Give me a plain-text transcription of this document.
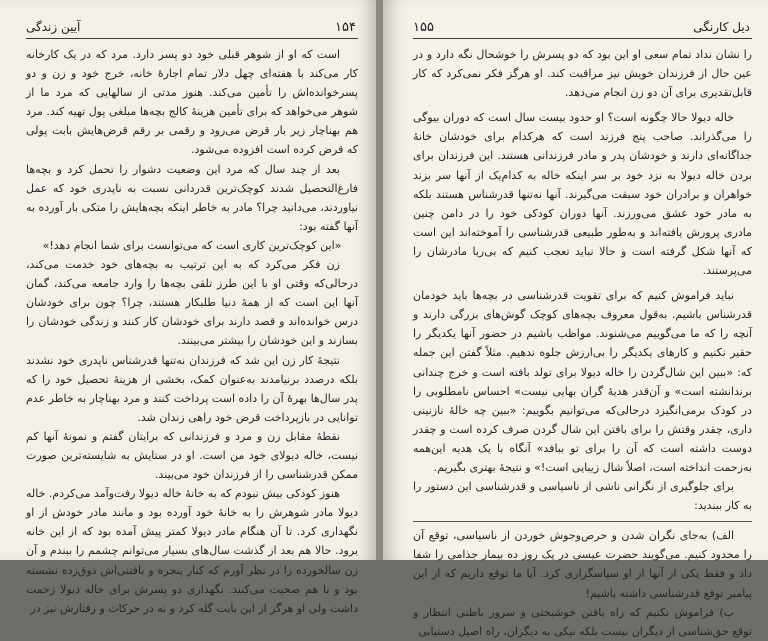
آیین زندگی	۱۵۴

است که او از شوهر قبلی خود دو پسر دارد. مرد که در یک کارخانه کار می‌کند با هفته‌ای چهل دلار تمام اجارهٔ خانه، خرج خود و زن و دو پسرخوانده‌اش را تأمین می‌کند. هنوز مدتی از سالهایی که مرد ما از شوهر می‌خواهد که برای تأمین هزینهٔ کالج بچه‌ها مبلغی پول تهیه کند. مرد هم بهناچار زیر بار قرض می‌رود و رقمی بر رقم قرض‌هایش بابت پولی که قرض کرده است افزوده می‌شود.

بعد از چند سال که مرد این وضعیت دشوار را تحمل کرد و بچه‌ها فارغ‌التحصیل شدند کوچک‌ترین قدردانی نسبت به ناپدری خود که عمل نیاوردند، می‌دانید چرا؟ مادر به خاطر اینکه بچه‌هایش را متکی‌ بار آورده به آنها گفته بود:

«این کوچک‌ترین کاری است که می‌توانست برای شما انجام دهد!»

زن فکر می‌کرد که به این ترتیب به بچه‌های خود خدمت می‌کند، درحالی‌که وقتی او با این طرز تلقی بچه‌ها را وارد جامعه می‌کند، گمان آنها این است که از همهٔ دنیا طلبکار هستند، چرا؟ چون برای خودشان درس خوانده‌اند و قصد دارند برای خودشان کار کنند و زندگی خودشان را بسازند و این خودشان را بیشتر می‌بینند.

نتیجهٔ کار زن این شد که فرزندان نه‌تنها قدرشناس ناپدری خود نشدند بلکه درصدد برنیامدند به‌عنوان کمک، بخشی از هزینهٔ تحصیل خود را که پدر سال‌ها بهرهٔ آن را داده است پرداخت کنند و مرد بهناچار به خاطر عدم توانایی در بازپرداخت قرض خود راهی زندان شد.

نقطهٔ مقابل زن و مرد و فرزندانی که برایتان گفتم و نمونهٔ آنها کم نیست، خاله دیولای خود من است. او در ستایش به شایسته‌ترین صورت ممکن قدرشناسی را از فرزندان خود می‌بیند.

هنوز کودکی بیش نبودم که به خانهٔ خاله دیولا رفت‌وآمد می‌کردم. خاله دیولا مادر شوهرش را به خانهٔ خود آورده بود و مانند مادر خودش از او نگهداری کرد. تا آن هنگام مادر دیولا کمتر پیش آمده بود که از این خانه برود. حالا هم بعد از گذشت سال‌های بسیار می‌توانم چشمم را ببندم و آن زن سالخورده را در نظر آورم که کنار پنجره و بافتنی‌اش ذوق‌زده نشسته بود و با هم صحبت می‌کنند. نگهداری دو پسرش برای خاله دیولا زحمت داشت ولی او هرگز از این بابت گله کرد و نه در حرکات و رفتارش نیز در

۱۵۵	دیل کارنگی

را نشان نداد تمام سعی او این بود که دو پسرش را خوشحال نگه دارد و در عین حال از فرزندان خویش نیز مراقبت کند. او هرگز فکر نمی‌کرد که کار قابل‌تقدیری برای آن دو زن انجام می‌دهد.

خاله دیولا حالا چگونه است؟ او حدود بیست سال است که دوران بیوگی را می‌گذراند. صاحب پنج فرزند است که هرکدام برای خودشان خانهٔ جداگانه‌ای دارند و خودشان پدر و مادر فرزندانی هستند. این فرزندان برای بردن خاله دیولا به نزد خود بر سر اینکه خاله به کدام‌یک از آنها سر بزند خواهران و برادران خود سبقت می‌گیرند. آنها نه‌تنها قدرشناس هستند بلکه به مادر خود عشق می‌ورزند. آنها دوران کودکی خود را در دامن چنین مادری پرورش یافته‌اند و به‌طور طبیعی قدرشناسی را آموخته‌اند این است که آنها شکل گرفته است و حالا نباید تعجب کنیم که بی‌ریا مادرشان را می‌پرستند.

نباید فراموش کنیم که برای تقویت قدرشناسی در بچه‌ها باید خودمان قدرشناس باشیم. به‌قول معروف بچه‌های کوچک گوش‌های بزرگی دارند و آنچه را که ما می‌گوییم می‌شنوند. مواظب باشیم در حضور آنها یکدیگر را حقیر نکنیم و کارهای یکدیگر را بی‌ارزش جلوه ندهیم. مثلاً گفتن این جمله که: «ببین این شال‌گردن را خاله دیولا برای تولد بافته است و خرج چندانی برندانشته است» و آن‌قدر هدیهٔ گران بهایی نیست» احساس نامطلوبی را در کودک برمی‌انگیزد درحالی‌که می‌توانیم بگوییم: «ببین چه خالهٔ نازنینی داری، چقدر وقتش را برای بافتن این شال گردن صرف کرده است و چقدر دوست داشته است که آن را برای تو ببافد» آنگاه با یک هدیه این‌همه به‌زحمت انداخته است، اصلاً شال زیبایی است!» و نتیجهٔ بهتری بگیریم.

برای جلوگیری از نگرانی ناشی از ناسپاسی و قدرشناسی این دستور را به کار ببندید:

الف) به‌جای نگران شدن و حرص‌وجوش خوردن از ناسپاسی، توقع آن را محدود کنیم. می‌گویند حضرت عیسی در یک روز ده بیمار جذامی را شفا داد و فقط یکی از آنها از او سپاسگزاری کرد. آیا ما توقع داریم که از این پیامبر توقع قدرشناسی داشته باشیم!

ب) فراموش نکنیم که راه یافتن خوشبختی و سرور باطنی انتظار و توقع حق‌شناسی از دیگران نیست بلکه نیکی به دیگران، راه اصیل دستیابی
